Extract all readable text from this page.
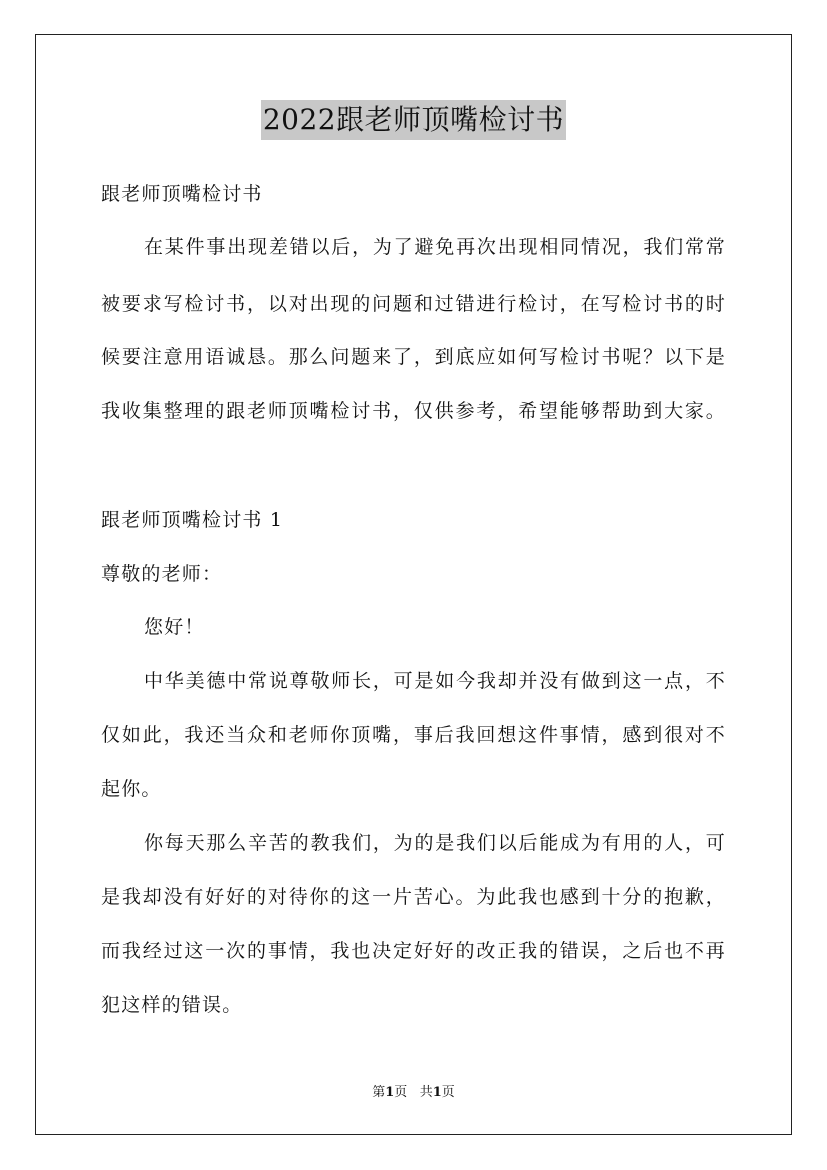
2022跟老师顶嘴检讨书
跟老师顶嘴检讨书
在某件事出现差错以后，为了避免再次出现相同情况，我们常常
被要求写检讨书，以对出现的问题和过错进行检讨，在写检讨书的时
候要注意用语诚恳。那么问题来了，到底应如何写检讨书呢？以下是
我收集整理的跟老师顶嘴检讨书，仅供参考，希望能够帮助到大家。
跟老师顶嘴检讨书 1
尊敬的老师：
您好！
中华美德中常说尊敬师长，可是如今我却并没有做到这一点，不
仅如此，我还当众和老师你顶嘴，事后我回想这件事情，感到很对不
起你。
你每天那么辛苦的教我们，为的是我们以后能成为有用的人，可
是我却没有好好的对待你的这一片苦心。为此我也感到十分的抱歉，
而我经过这一次的事情，我也决定好好的改正我的错误，之后也不再
犯这样的错误。
第1页 共1页
